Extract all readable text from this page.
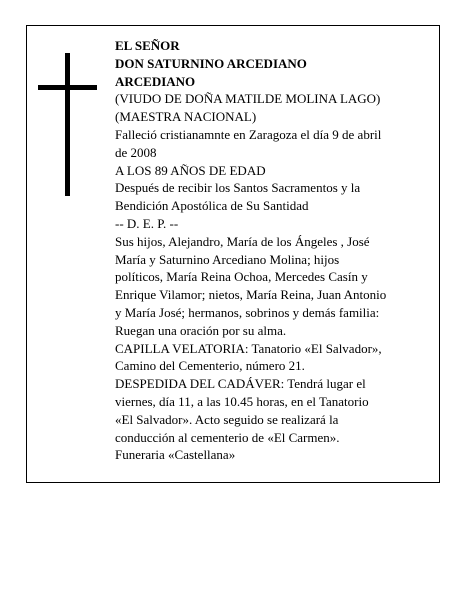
EL SEÑOR

DON SATURNINO ARCEDIANO ARCEDIANO

(VIUDO DE DOÑA MATILDE MOLINA LAGO)

(MAESTRA NACIONAL)

Falleció cristianamnte en Zaragoza el día 9 de abril de 2008

A LOS 89 AÑOS DE EDAD

Después de recibir los Santos Sacramentos y la Bendición Apostólica de Su Santidad

-- D. E. P. --

Sus hijos, Alejandro, María de los Ángeles , José María y Saturnino Arcediano Molina; hijos políticos, María Reina Ochoa, Mercedes Casín y Enrique Vilamor; nietos, María Reina, Juan Antonio y María José; hermanos, sobrinos y demás familia:

Ruegan una oración por su alma.

CAPILLA VELATORIA: Tanatorio «El Salvador», Camino del Cementerio, número 21.

DESPEDIDA DEL CADÁVER: Tendrá lugar el viernes, día 11, a las 10.45 horas, en el Tanatorio «El Salvador». Acto seguido se realizará la conducción al cementerio de «El Carmen».

Funeraria «Castellana»
